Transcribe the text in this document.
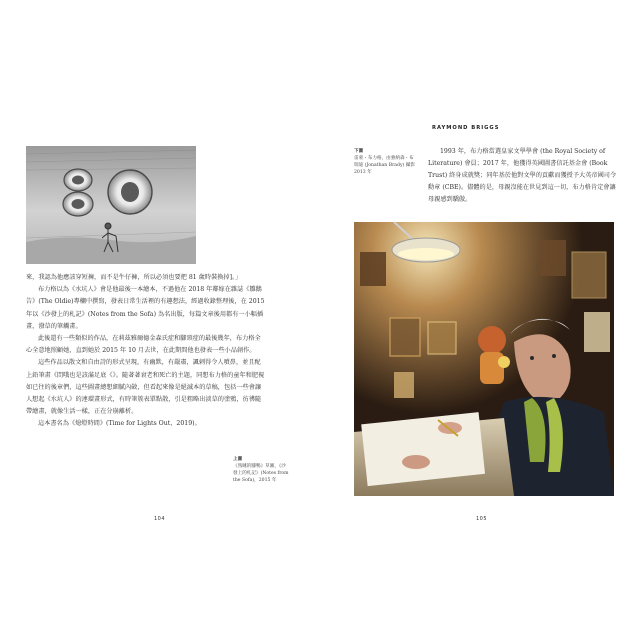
來，我認為他應該穿短褲，而不是牛仔褲，所以必須也要把 81 歲時裝換掉]。」

布力格以為《水坑人》會是他最後一本繪本，不過他在 2018 年鄰嫁在雜誌《雛鵝告》(The Oldie)專欄中撰寫，發表日常生活裡的有趣想法，經過收錄整理後，在 2015 年以《沙發上的札記》(Notes from the Sofa) 為名出版，每篇文章後用都有一小幅插畫，潑草的筆觸畫。

此後還有一些類似的作品，在莉茲雅爾德金森氏症和腳頸症的最後幾年，布力格全心全意地照顧她，直到她於 2015 年 10 月去世，在此期間他也發表一些小品創作。

這些作品以散文和自由詩的形式呈現，有幽默，有嚴肅，諷刺得令人噴鼻，並且配上鉛筆畫《問哦也是該滿足底《》。隨著著衰老和死亡的主題，同想布力格的童年和肥視如已往的後章們，這些圖畫總想細膩內斂，但看起來像是絕滅本的草稿，包括一些會讓人想起《水坑人》的連環畫形式，有時筆簇表單點散，引是粗略出淡草的塗鴉，彷彿隨帶繪畫，就像生活一樣，正在分崩離析。

這本書名為《熄燈時間》(Time for Lights Out，2019)。

上圖
《熟睡的腳鴨》草圖，《沙發上的札記》(Notes from the Sofa)，2015 年
104
RAYMOND BRIGGS
下圖
雷蒙・布力格，由強納森・布瑞迪 (Jonathan Brady) 攝影 2013 年

1993 年，布力格當選皇家文學學會 (the Royal Society of Literature) 會員；2017 年，他獲得英國圖書信託基金會 (Book Trust) 終身成就獎；同年基於他對文學的貢獻而獲授予大英帝國司令勳章 (CBE)。儘體的是，母親沒能在世見到這一切，布力格肯定會讓母親感到驕傲。

105
